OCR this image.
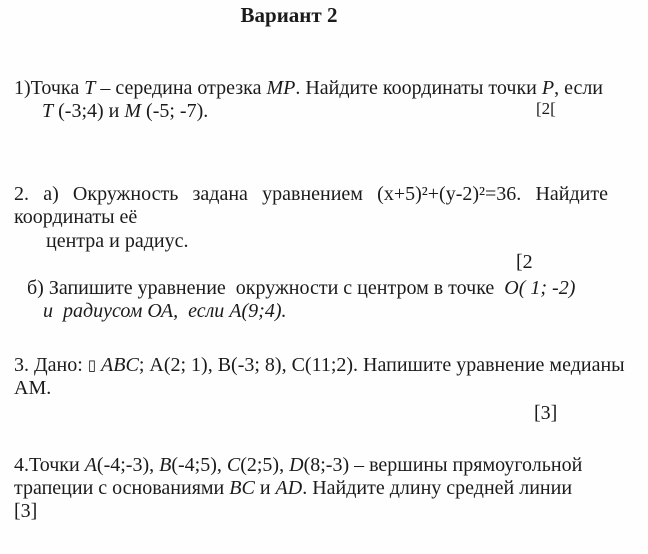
Вариант 2
1)Точка T – середина отрезка MP. Найдите координаты точки P, если
T (-3;4) и M (-5; -7).	[2[
2. а) Окружность задана уравнением (x+5)²+(y-2)²=36. Найдите
координаты её
центра и радиус.
[2
б) Запишите уравнение  окружности с центром в точке  О( 1; -2)
и  радиусом ОА,  если А(9;4).
3. Дано: ▯ ABC; А(2; 1), В(-3; 8), С(11;2). Напишите уравнение медианы
АМ.
[3]
4.Точки A(-4;-3), B(-4;5), C(2;5), D(8;-3) – вершины прямоугольной
трапеции с основаниями BC и AD. Найдите длину средней линии
[3]
